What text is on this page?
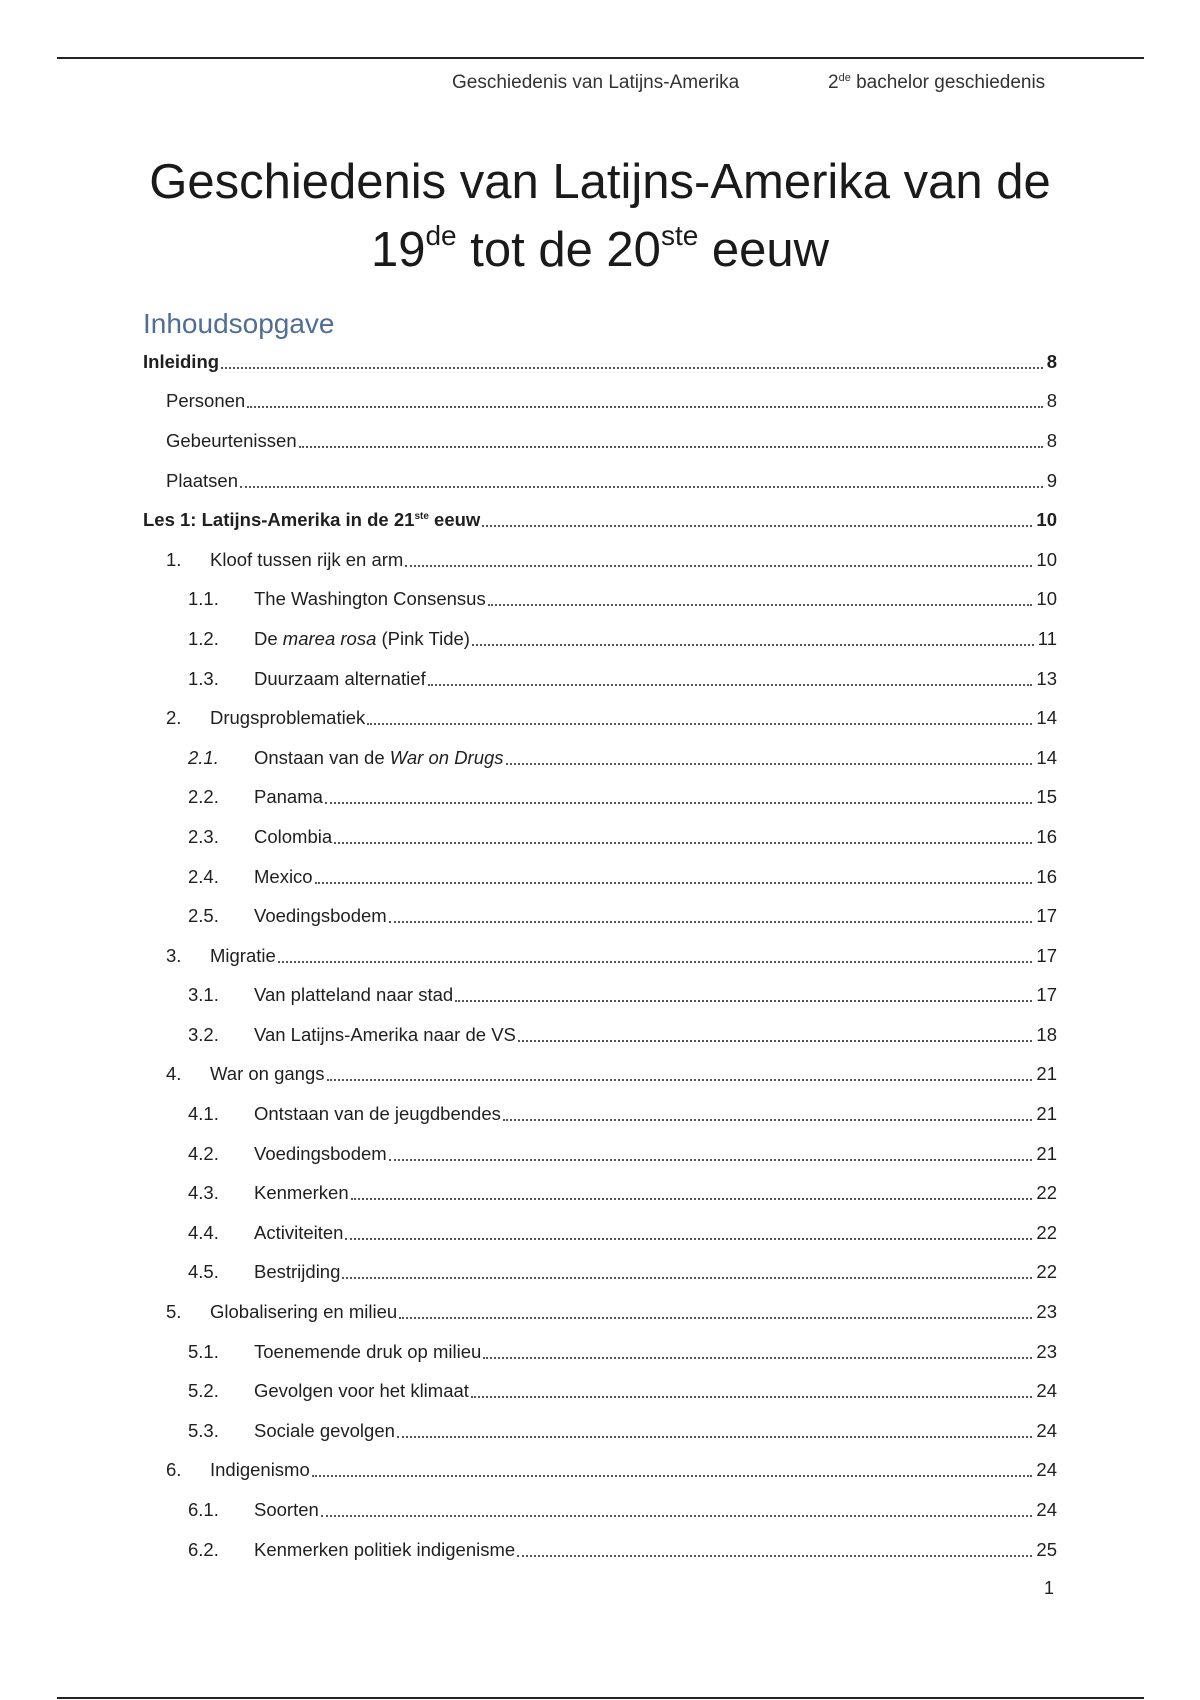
Geschiedenis van Latijns-Amerika	2de bachelor geschiedenis
Geschiedenis van Latijns-Amerika van de
19de tot de 20ste eeuw
Inhoudsopgave
Inleiding	8
Personen	8
Gebeurtenissen	8
Plaatsen	9
Les 1: Latijns-Amerika in de 21ste eeuw	10
1.	Kloof tussen rijk en arm	10
1.1.	The Washington Consensus	10
1.2.	De marea rosa (Pink Tide)	11
1.3.	Duurzaam alternatief	13
2.	Drugsproblematiek	14
2.1.	Onstaan van de War on Drugs	14
2.2.	Panama	15
2.3.	Colombia	16
2.4.	Mexico	16
2.5.	Voedingsbodem	17
3.	Migratie	17
3.1.	Van platteland naar stad	17
3.2.	Van Latijns-Amerika naar de VS	18
4.	War on gangs	21
4.1.	Ontstaan van de jeugdbendes	21
4.2.	Voedingsbodem	21
4.3.	Kenmerken	22
4.4.	Activiteiten	22
4.5.	Bestrijding	22
5.	Globalisering en milieu	23
5.1.	Toenemende druk op milieu	23
5.2.	Gevolgen voor het klimaat	24
5.3.	Sociale gevolgen	24
6.	Indigenismo	24
6.1.	Soorten	24
6.2.	Kenmerken politiek indigenisme	25
1
